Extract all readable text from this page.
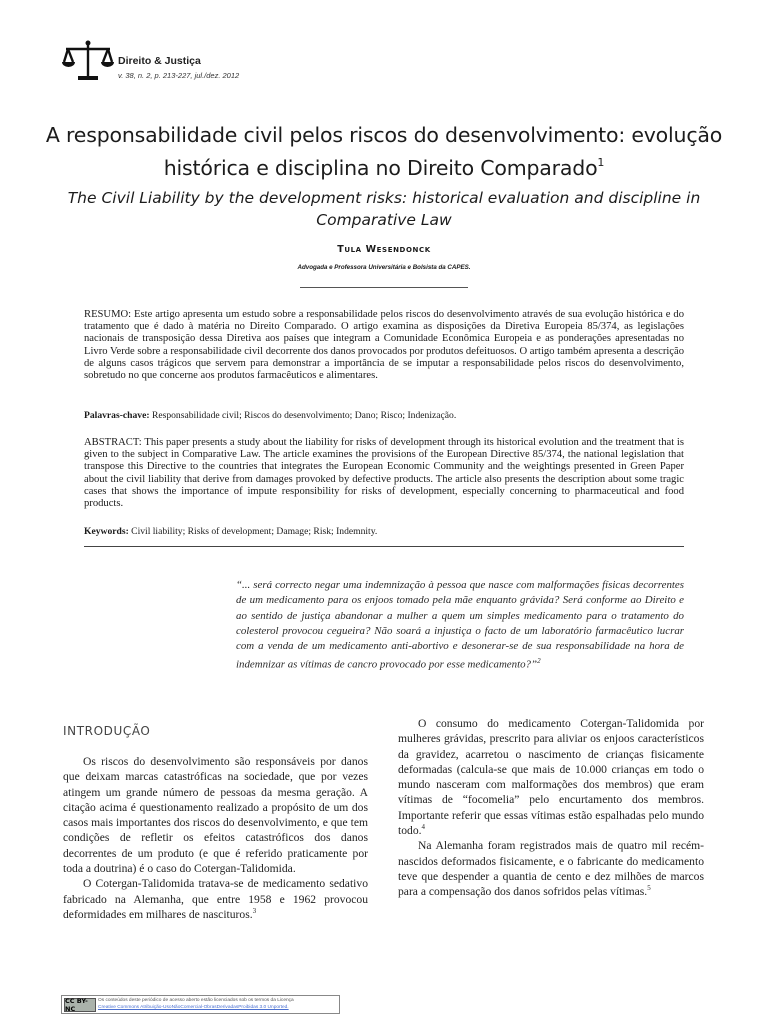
Direito & Justiça
v. 38, n. 2, p. 213-227, jul./dez. 2012
A responsabilidade civil pelos riscos do desenvolvimento: evolução histórica e disciplina no Direito Comparado$^1$
The Civil Liability by the development risks: historical evaluation and discipline in Comparative Law
Tula Wesendonck
Advogada e Professora Universitária e Bolsista da CAPES.
RESUMO: Este artigo apresenta um estudo sobre a responsabilidade pelos riscos do desenvolvimento através de sua evolução histórica e do tratamento que é dado à matéria no Direito Comparado. O artigo examina as disposições da Diretiva Europeia 85/374, as legislações nacionais de transposição dessa Diretiva aos países que integram a Comunidade Econômica Europeia e as ponderações apresentadas no Livro Verde sobre a responsabilidade civil decorrente dos danos provocados por produtos defeituosos. O artigo também apresenta a descrição de alguns casos trágicos que servem para demonstrar a importância de se imputar a responsabilidade pelos riscos do desenvolvimento, sobretudo no que concerne aos produtos farmacêuticos e alimentares.
Palavras-chave: Responsabilidade civil; Riscos do desenvolvimento; Dano; Risco; Indenização.
ABSTRACT: This paper presents a study about the liability for risks of development through its historical evolution and the treatment that is given to the subject in Comparative Law. The article examines the provisions of the European Directive 85/374, the national legislation that transpose this Directive to the countries that integrates the European Economic Community and the weightings presented in Green Paper about the civil liability that derive from damages provoked by defective products. The article also presents the description about some tragic cases that shows the importance of impute responsibility for risks of development, especially concerning to pharmaceutical and food products.
Keywords: Civil liability; Risks of development; Damage; Risk; Indemnity.
“... será correcto negar uma indemnização à pessoa que nasce com malformações físicas decorrentes de um medicamento para os enjoos tomado pela mãe enquanto grávida? Será conforme ao Direito e ao sentido de justiça abandonar a mulher a quem um simples medicamento para o tratamento do colesterol provocou cegueira? Não soará a injustiça o facto de um laboratório farmacêutico lucrar com a venda de um medicamento anti-abortivo e desonerar-se de sua responsabilidade na hora de indemnizar as vítimas de cancro provocado por esse medicamento?”$^2$
INTRODUÇÃO

Os riscos do desenvolvimento são responsáveis por danos que deixam marcas catastróficas na sociedade, que por vezes atingem um grande número de pessoas da mesma geração. A citação acima é questionamento realizado a propósito de um dos casos mais importantes dos riscos do desenvolvimento, e que tem condições de refletir os efeitos catastróficos dos danos decorrentes de um produto (e que é referido praticamente por toda a doutrina) é o caso do Cotergan-Talidomida.

O Cotergan-Talidomida tratava-se de medicamento sedativo fabricado na Alemanha, que entre 1958 e 1962 provocou deformidades em milhares de nascituros.$^3$

O consumo do medicamento Cotergan-Talidomida por mulheres grávidas, prescrito para aliviar os enjoos característicos da gravidez, acarretou o nascimento de crianças fisicamente deformadas (calcula-se que mais de 10.000 crianças em todo o mundo nasceram com malformações dos membros) que eram vítimas de “focomelia” pelo encurtamento dos membros. Importante referir que essas vítimas estão espalhadas pelo mundo todo.$^4$

Na Alemanha foram registrados mais de quatro mil recém-nascidos deformados fisicamente, e o fabricante do medicamento teve que despender a quantia de cento e dez milhões de marcos para a compensação dos danos sofridos pelas vítimas.$^5$

CC BY-NC
Os conteúdos deste periódico de acesso aberto estão licenciados sob os termos da Licença
Creative Commons Atribuição-UsoNãoComercial-ObrasDerivadasProibidas 3.0 Unported.
